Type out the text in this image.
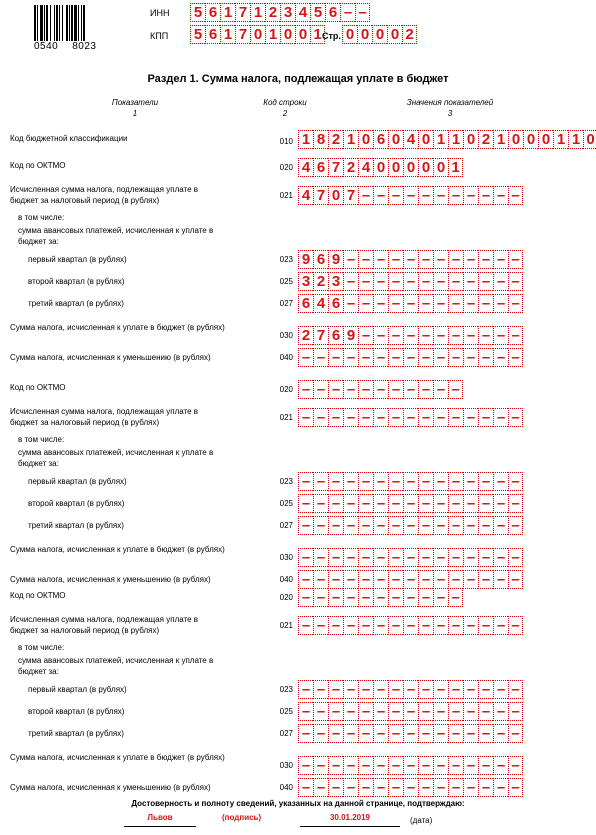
0540 8023
ИНН 5 6 1 7 1 2 3 4 5 6 – –
КПП 5 6 1 7 0 1 0 0 1 Стр. 0 0 0 0 2
Раздел 1. Сумма налога, подлежащая уплате в бюджет
Показатели	Код строки	Значения показателей
1	2	3
Код бюджетной классификации	010 1 8 2 1 0 6 0 4 0 1 1 0 2 1 0 0 0 1 1 0
Код по ОКТМО	020 4 6 7 2 4 0 0 0 0 0 1
Исчисленная сумма налога, подлежащая уплате в бюджет за налоговый период (в рублях)
021 4 7 0 7 – – – – – – – – – – –
в том числе:
сумма авансовых платежей, исчисленная к уплате в бюджет за:
первый квартал (в рублях)	023 9 6 9 – – – – – – – – – – – –
второй квартал (в рублях)	025 3 2 3 – – – – – – – – – – – –
третий квартал (в рублях)	027 6 4 6 – – – – – – – – – – – –
Сумма налога, исчисленная к уплате в бюджет (в рублях)
030 2 7 6 9 – – – – – – – – – – –
Сумма налога, исчисленная к уменьшению (в рублях)	040 – – – – – – – – – – – – – – –
Код по ОКТМО	020 – – – – – – – – – – –
Исчисленная сумма налога, подлежащая уплате в бюджет за налоговый период (в рублях)
021 – – – – – – – – – – – – – – –
в том числе:
сумма авансовых платежей, исчисленная к уплате в бюджет за:
первый квартал (в рублях)	023 – – – – – – – – – – – – – – –
второй квартал (в рублях)	025 – – – – – – – – – – – – – – –
третий квартал (в рублях)	027 – – – – – – – – – – – – – – –
Сумма налога, исчисленная к уплате в бюджет (в рублях)
030 – – – – – – – – – – – – – – –
Сумма налога, исчисленная к уменьшению (в рублях)	040 – – – – – – – – – – – – – – –
Код по ОКТМО	020 – – – – – – – – – – –
Исчисленная сумма налога, подлежащая уплате в бюджет за налоговый период (в рублях)
021 – – – – – – – – – – – – – – –
в том числе:
сумма авансовых платежей, исчисленная к уплате в бюджет за:
первый квартал (в рублях)	023 – – – – – – – – – – – – – – –
второй квартал (в рублях)	025 – – – – – – – – – – – – – – –
третий квартал (в рублях)	027 – – – – – – – – – – – – – – –
Сумма налога, исчисленная к уплате в бюджет (в рублях)
030 – – – – – – – – – – – – – – –
Сумма налога, исчисленная к уменьшению (в рублях)	040 – – – – – – – – – – – – – – –
Достоверность и полноту сведений, указанных на данной странице, подтверждаю:
Львов	(подпись)	30.01.2019	(дата)
